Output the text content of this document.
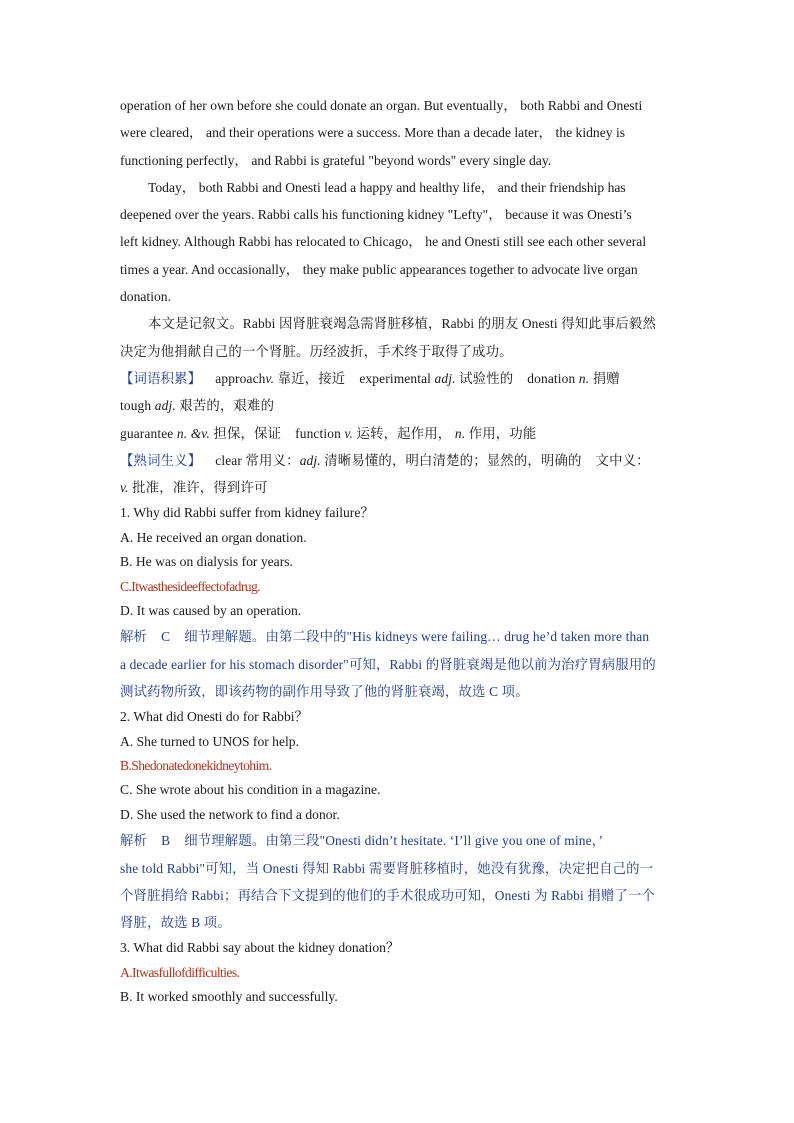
operation of her own before she could donate an organ. But eventually， both Rabbi and Onesti
were cleared， and their operations were a success. More than a decade later， the kidney is
functioning perfectly， and Rabbi is grateful "beyond words" every single day.
Today， both Rabbi and Onesti lead a happy and healthy life， and their friendship has
deepened over the years. Rabbi calls his functioning kidney "Lefty"， because it was Onesti’s
left kidney. Although Rabbi has relocated to Chicago， he and Onesti still see each other several
times a year. And occasionally， they make public appearances together to advocate live organ
donation.
本文是记叙文。Rabbi 因肾脏衰竭急需肾脏移植，Rabbi 的朋友 Onesti 得知此事后毅然
决定为他捐献自己的一个肾脏。历经波折，手术终于取得了成功。
【词语积累】 approachv. 靠近，接近 experimental adj. 试验性的 donation n. 捐赠
tough adj. 艰苦的，艰难的
guarantee n. &v. 担保，保证 function v. 运转，起作用， n. 作用，功能
【熟词生义】 clear 常用义：adj. 清晰易懂的，明白清楚的；显然的，明确的 文中义：
v. 批准，准许，得到许可
1. Why did Rabbi suffer from kidney failure？
A. He received an organ donation.
B. He was on dialysis for years.
C.Itwasthesideeffectofadrug.
D. It was caused by an operation.
解析 C 细节理解题。由第二段中的"His kidneys were failing… drug he’d taken more than
a decade earlier for his stomach disorder"可知，Rabbi 的肾脏衰竭是他以前为治疗胃病服用的
测试药物所致，即该药物的副作用导致了他的肾脏衰竭，故选 C 项。
2. What did Onesti do for Rabbi？
A. She turned to UNOS for help.
B.Shedonatedonekidneytohim.
C. She wrote about his condition in a magazine.
D. She used the network to find a donor.
解析 B 细节理解题。由第三段"Onesti didn’t hesitate. ‘I’ll give you one of mine，’
she told Rabbi"可知，当 Onesti 得知 Rabbi 需要肾脏移植时，她没有犹豫，决定把自己的一
个肾脏捐给 Rabbi；再结合下文提到的他们的手术很成功可知，Onesti 为 Rabbi 捐赠了一个
肾脏，故选 B 项。
3. What did Rabbi say about the kidney donation？
A.Itwasfullofdifficulties.
B. It worked smoothly and successfully.
